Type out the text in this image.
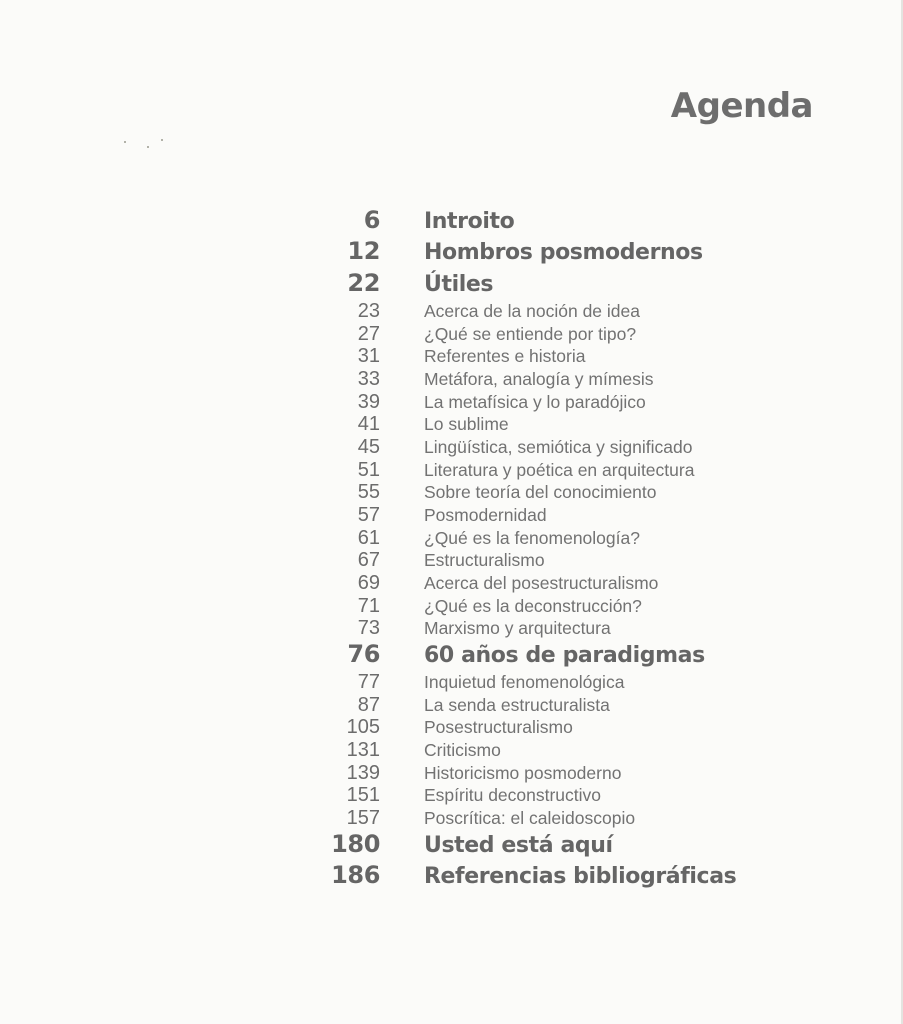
Agenda
6 Introito
12 Hombros posmodernos
22 Útiles
23	Acerca de la noción de idea
27	¿Qué se entiende por tipo?
31	Referentes e historia
33	Metáfora, analogía y mímesis
39	La metafísica y lo paradójico
41	Lo sublime
45	Lingüística, semiótica y significado
51	Literatura y poética en arquitectura
55	Sobre teoría del conocimiento
57	Posmodernidad
61	¿Qué es la fenomenología?
67	Estructuralismo
69	Acerca del posestructuralismo
71	¿Qué es la deconstrucción?
73	Marxismo y arquitectura
76 60 años de paradigmas
77	Inquietud fenomenológica
87	La senda estructuralista
105	Posestructuralismo
131	Criticismo
139	Historicismo posmoderno
151	Espíritu deconstructivo
157	Poscrítica: el caleidoscopio
180 Usted está aquí
186 Referencias bibliográficas
